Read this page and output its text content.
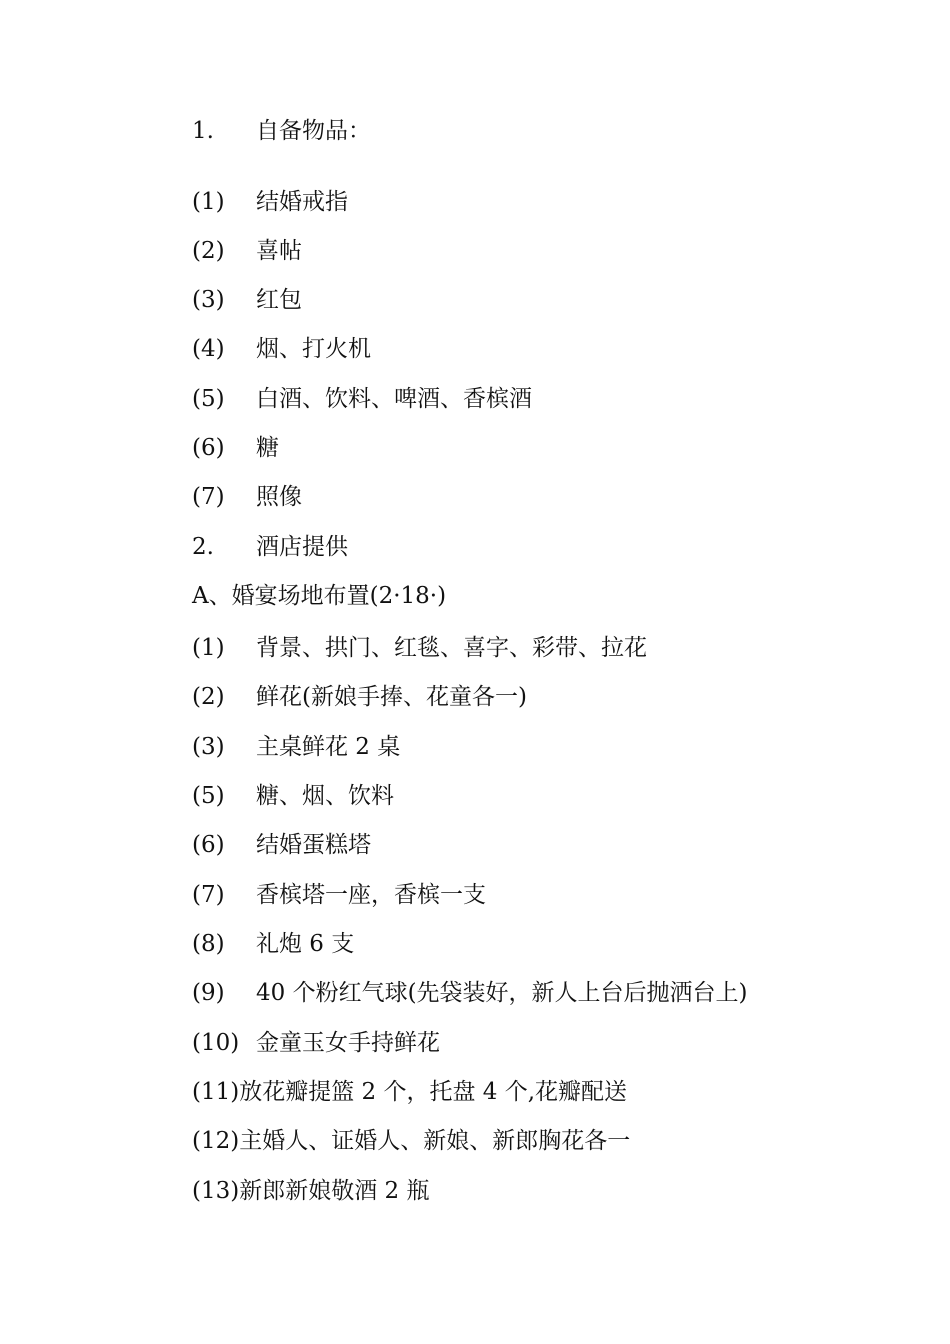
1. 自备物品：
(1) 结婚戒指
(2) 喜帖
(3) 红包
(4) 烟、打火机
(5) 白酒、饮料、啤酒、香槟酒
(6) 糖
(7) 照像
2. 酒店提供
A、婚宴场地布置(2·18·)
(1) 背景、拱门、红毯、喜字、彩带、拉花
(2) 鲜花(新娘手捧、花童各一)
(3) 主桌鲜花 2 桌
(5) 糖、烟、饮料
(6) 结婚蛋糕塔
(7) 香槟塔一座，香槟一支
(8) 礼炮 6 支
(9) 40 个粉红气球(先袋装好，新人上台后抛洒台上)
(10) 金童玉女手持鲜花
(11)放花瓣提篮 2 个，托盘 4 个,花瓣配送
(12)主婚人、证婚人、新娘、新郎胸花各一
(13)新郎新娘敬酒 2 瓶
